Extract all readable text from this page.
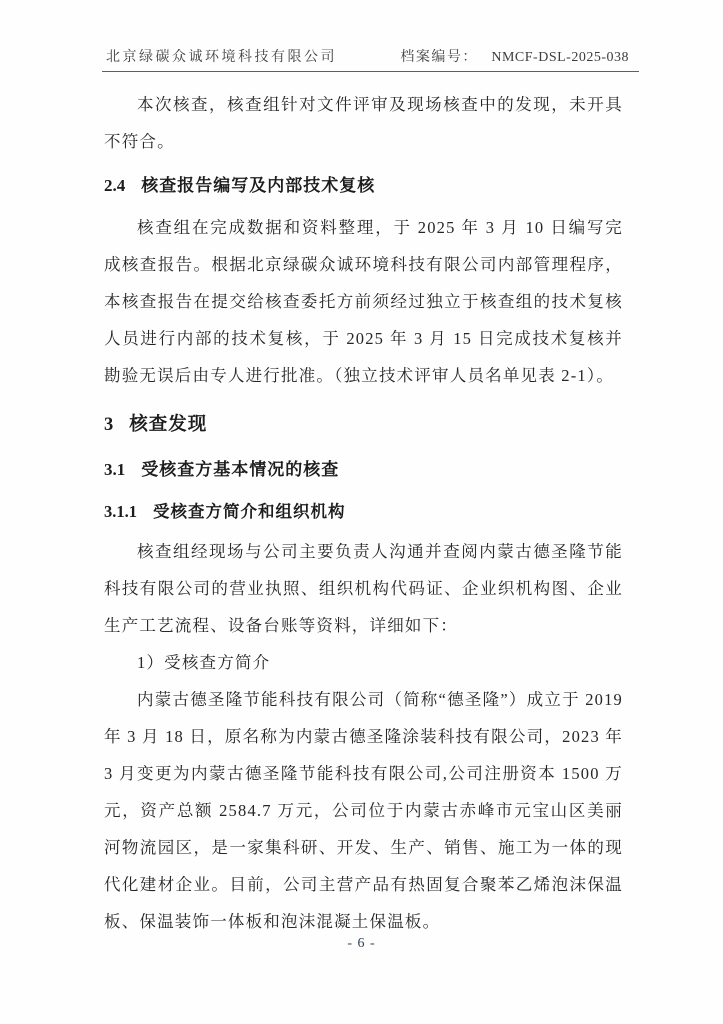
北京绿碳众诚环境科技有限公司	档案编号： NMCF-DSL-2025-038

本次核查，核查组针对文件评审及现场核查中的发现，未开具不符合。

2.4 核查报告编写及内部技术复核

核查组在完成数据和资料整理，于 2025 年 3 月 10 日编写完成核查报告。根据北京绿碳众诚环境科技有限公司内部管理程序，本核查报告在提交给核查委托方前须经过独立于核查组的技术复核人员进行内部的技术复核，于 2025 年 3 月 15 日完成技术复核并勘验无误后由专人进行批准。（独立技术评审人员名单见表 2-1）。

3 核查发现
3.1 受核查方基本情况的核查
3.1.1 受核查方简介和组织机构

核查组经现场与公司主要负责人沟通并查阅内蒙古德圣隆节能科技有限公司的营业执照、组织机构代码证、企业织机构图、企业生产工艺流程、设备台账等资料，详细如下：

1）受核查方简介

内蒙古德圣隆节能科技有限公司（简称“德圣隆”）成立于 2019 年 3 月 18 日，原名称为内蒙古德圣隆涂装科技有限公司，2023 年 3 月变更为内蒙古德圣隆节能科技有限公司,公司注册资本 1500 万元，资产总额 2584.7 万元，公司位于内蒙古赤峰市元宝山区美丽河物流园区，是一家集科研、开发、生产、销售、施工为一体的现代化建材企业。目前，公司主营产品有热固复合聚苯乙烯泡沫保温板、保温装饰一体板和泡沫混凝土保温板。

- 6 -
